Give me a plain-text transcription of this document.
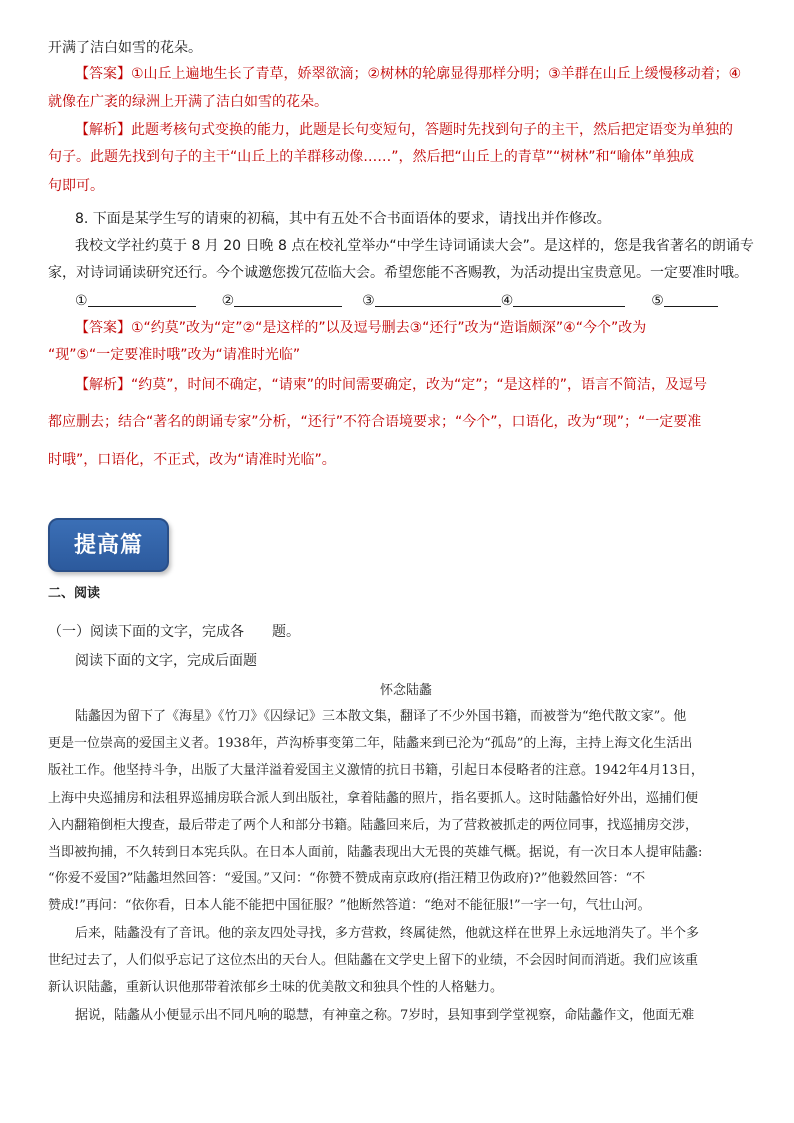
开满了洁白如雪的花朵。
【答案】①山丘上遍地生长了青草，娇翠欲滴；②树林的轮廓显得那样分明；③羊群在山丘上缓慢移动着；④
就像在广袤的绿洲上开满了洁白如雪的花朵。
【解析】此题考核句式变换的能力，此题是长句变短句，答题时先找到句子的主干，然后把定语变为单独的
句子。此题先找到句子的主干“山丘上的羊群移动像……”，然后把“山丘上的青草”“树林”和“喻体”单独成
句即可。
8. 下面是某学生写的请柬的初稿，其中有五处不合书面语体的要求，请找出并作修改。
我校文学社约莫于 8 月 20 日晚 8 点在校礼堂举办“中学生诗词诵读大会”。是这样的，您是我省著名的朗诵专
家，对诗词诵读研究还行。今个诚邀您拨冗莅临大会。希望您能不吝赐教，为活动提出宝贵意见。一定要准时哦。
①	②	③	④	⑤
【答案】①“约莫”改为“定”②“是这样的”以及逗号删去③“还行”改为“造诣颇深”④“今个”改为
“现”⑤“一定要准时哦”改为“请准时光临”
【解析】“约莫”，时间不确定，“请柬”的时间需要确定，改为“定”；“是这样的”，语言不简洁，及逗号
都应删去；结合“著名的朗诵专家”分析，“还行”不符合语境要求；“今个”，口语化，改为“现”；“一定要准
时哦”，口语化，不正式，改为“请准时光临”。
提高篇
二、阅读
（一）阅读下面的文字，完成各　　题。
阅读下面的文字，完成后面题
怀念陆蠡
陆蠡因为留下了《海星》《竹刀》《囚绿记》三本散文集，翻译了不少外国书籍，而被誉为“绝代散文家”。他
更是一位崇高的爱国主义者。1938年，芦沟桥事变第二年，陆蠡来到已沦为“孤岛”的上海，主持上海文化生活出
版社工作。他坚持斗争，出版了大量洋溢着爱国主义激情的抗日书籍，引起日本侵略者的注意。1942年4月13日，
上海中央巡捕房和法租界巡捕房联合派人到出版社，拿着陆蠡的照片，指名要抓人。这时陆蠡恰好外出，巡捕们便
入内翻箱倒柜大搜查，最后带走了两个人和部分书籍。陆蠡回来后，为了营救被抓走的两位同事，找巡捕房交涉，
当即被拘捕，不久转到日本宪兵队。在日本人面前，陆蠡表现出大无畏的英雄气概。据说，有一次日本人提审陆蠡:
“你爱不爱国?”陆蠡坦然回答：“爱国。”又问：“你赞不赞成南京政府(指汪精卫伪政府)?”他毅然回答：“不
赞成!”再问：“依你看，日本人能不能把中国征服？”他断然答道：“绝对不能征服!”一字一句，气壮山河。
后来，陆蠡没有了音讯。他的亲友四处寻找，多方营救，终属徒然，他就这样在世界上永远地消失了。半个多
世纪过去了，人们似乎忘记了这位杰出的天台人。但陆蠡在文学史上留下的业绩，不会因时间而消逝。我们应该重
新认识陆蠡，重新认识他那带着浓郁乡土味的优美散文和独具个性的人格魅力。
据说，陆蠡从小便显示出不同凡响的聪慧，有神童之称。7岁时，县知事到学堂视察，命陆蠡作文，他面无难
